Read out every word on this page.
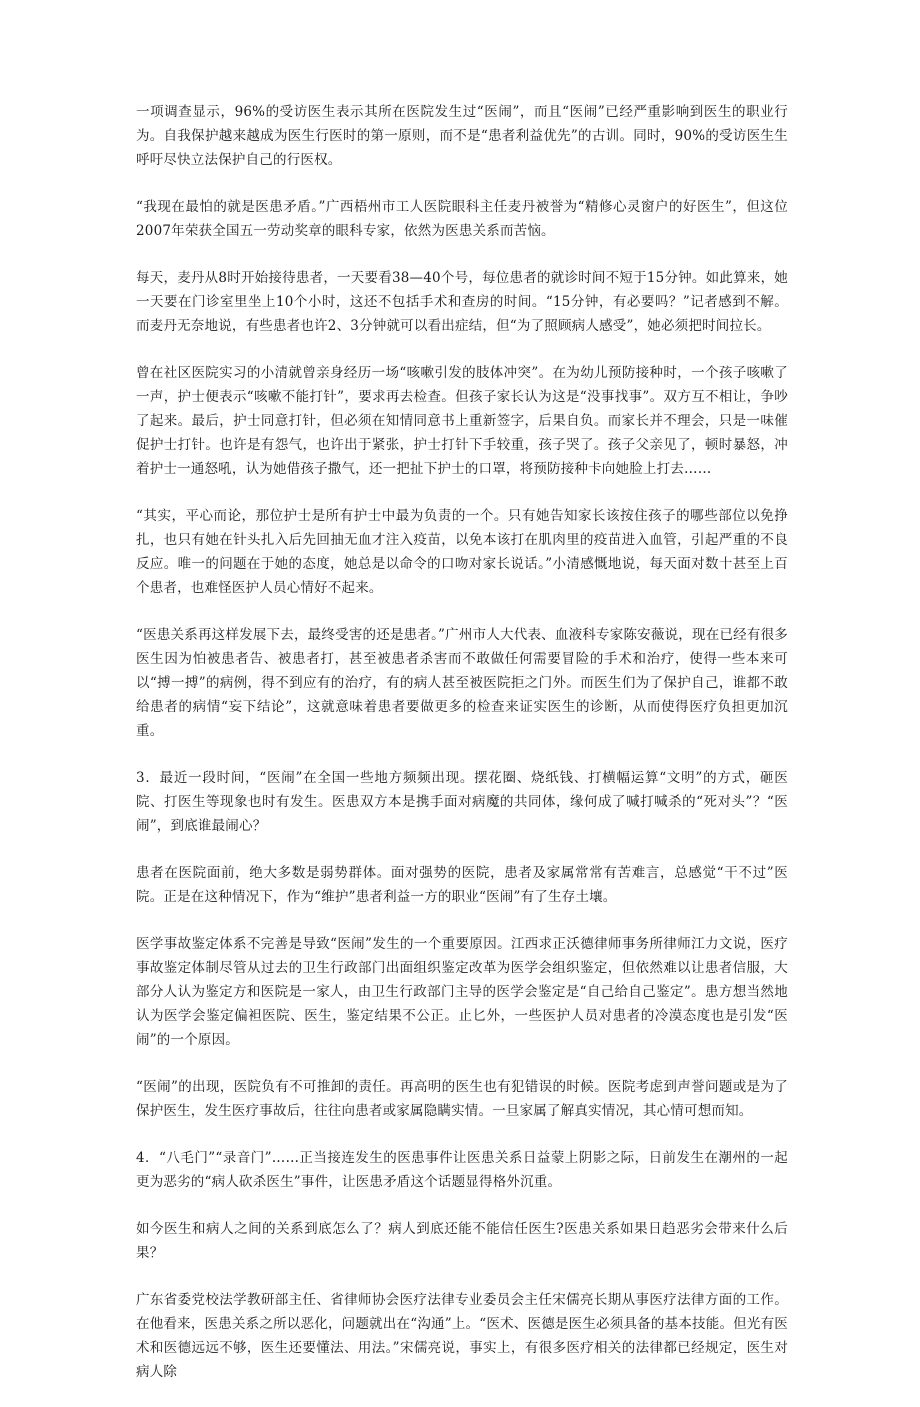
一项调查显示，96%的受访医生表示其所在医院发生过“医闹”，而且“医闹”已经严重影响到医生的职业行为。自我保护越来越成为医生行医时的第一原则，而不是“患者利益优先”的古训。同时，90%的受访医生生呼吁尽快立法保护自己的行医权。

“我现在最怕的就是医患矛盾。”广西梧州市工人医院眼科主任麦丹被誉为“精修心灵窗户的好医生”，但这位2007年荣获全国五一劳动奖章的眼科专家，依然为医患关系而苦恼。

每天，麦丹从8时开始接待患者，一天要看38—40个号，每位患者的就诊时间不短于15分钟。如此算来，她一天要在门诊室里坐上10个小时，这还不包括手术和查房的时间。“15分钟，有必要吗？”记者感到不解。而麦丹无奈地说，有些患者也许2、3分钟就可以看出症结，但“为了照顾病人感受”，她必须把时间拉长。

曾在社区医院实习的小清就曾亲身经历一场“咳嗽引发的肢体冲突”。在为幼儿预防接种时，一个孩子咳嗽了一声，护士便表示“咳嗽不能打针”，要求再去检查。但孩子家长认为这是“没事找事”。双方互不相让，争吵了起来。最后，护士同意打针，但必须在知情同意书上重新签字，后果自负。而家长并不理会，只是一味催促护士打针。也许是有怨气，也许出于紧张，护士打针下手较重，孩子哭了。孩子父亲见了，顿时暴怒，冲着护士一通怒吼，认为她借孩子撒气，还一把扯下护士的口罩，将预防接种卡向她脸上打去……

“其实，平心而论，那位护士是所有护士中最为负责的一个。只有她告知家长该按住孩子的哪些部位以免挣扎，也只有她在针头扎入后先回抽无血才注入疫苗，以免本该打在肌肉里的疫苗进入血管，引起严重的不良反应。唯一的问题在于她的态度，她总是以命令的口吻对家长说话。”小清感慨地说，每天面对数十甚至上百个患者，也难怪医护人员心情好不起来。

“医患关系再这样发展下去，最终受害的还是患者。”广州市人大代表、血液科专家陈安薇说，现在已经有很多医生因为怕被患者告、被患者打，甚至被患者杀害而不敢做任何需要冒险的手术和治疗，使得一些本来可以“搏一搏”的病例，得不到应有的治疗，有的病人甚至被医院拒之门外。而医生们为了保护自己，谁都不敢给患者的病情“妄下结论”，这就意味着患者要做更多的检查来证实医生的诊断，从而使得医疗负担更加沉重。

3．最近一段时间，“医闹”在全国一些地方频频出现。摆花圈、烧纸钱、打横幅运算“文明”的方式，砸医院、打医生等现象也时有发生。医患双方本是携手面对病魔的共同体，缘何成了喊打喊杀的“死对头”？“医闹”，到底谁最闹心？

患者在医院面前，绝大多数是弱势群体。面对强势的医院，患者及家属常常有苦难言，总感觉“干不过”医院。正是在这种情况下，作为“维护”患者利益一方的职业“医闹”有了生存土壤。

医学事故鉴定体系不完善是导致“医闹”发生的一个重要原因。江西求正沃德律师事务所律师江力文说，医疗事故鉴定体制尽管从过去的卫生行政部门出面组织鉴定改革为医学会组织鉴定，但依然难以让患者信服，大部分人认为鉴定方和医院是一家人，由卫生行政部门主导的医学会鉴定是“自己给自己鉴定”。患方想当然地认为医学会鉴定偏袒医院、医生，鉴定结果不公正。止匕外，一些医护人员对患者的冷漠态度也是引发“医闹”的一个原因。

“医闹”的出现，医院负有不可推卸的责任。再高明的医生也有犯错误的时候。医院考虑到声誉问题或是为了保护医生，发生医疗事故后，往往向患者或家属隐瞒实情。一旦家属了解真实情况，其心情可想而知。

4．“八毛门”“录音门”……正当接连发生的医患事件让医患关系日益蒙上阴影之际，日前发生在潮州的一起更为恶劣的“病人砍杀医生”事件，让医患矛盾这个话题显得格外沉重。

如今医生和病人之间的关系到底怎么了？病人到底还能不能信任医生?医患关系如果日趋恶劣会带来什么后果？

广东省委党校法学教研部主任、省律师协会医疗法律专业委员会主任宋儒亮长期从事医疗法律方面的工作。在他看来，医患关系之所以恶化，问题就出在“沟通”上。“医术、医德是医生必须具备的基本技能。但光有医术和医德远远不够，医生还要懂法、用法。”宋儒亮说，事实上，有很多医疗相关的法律都已经规定，医生对病人除
